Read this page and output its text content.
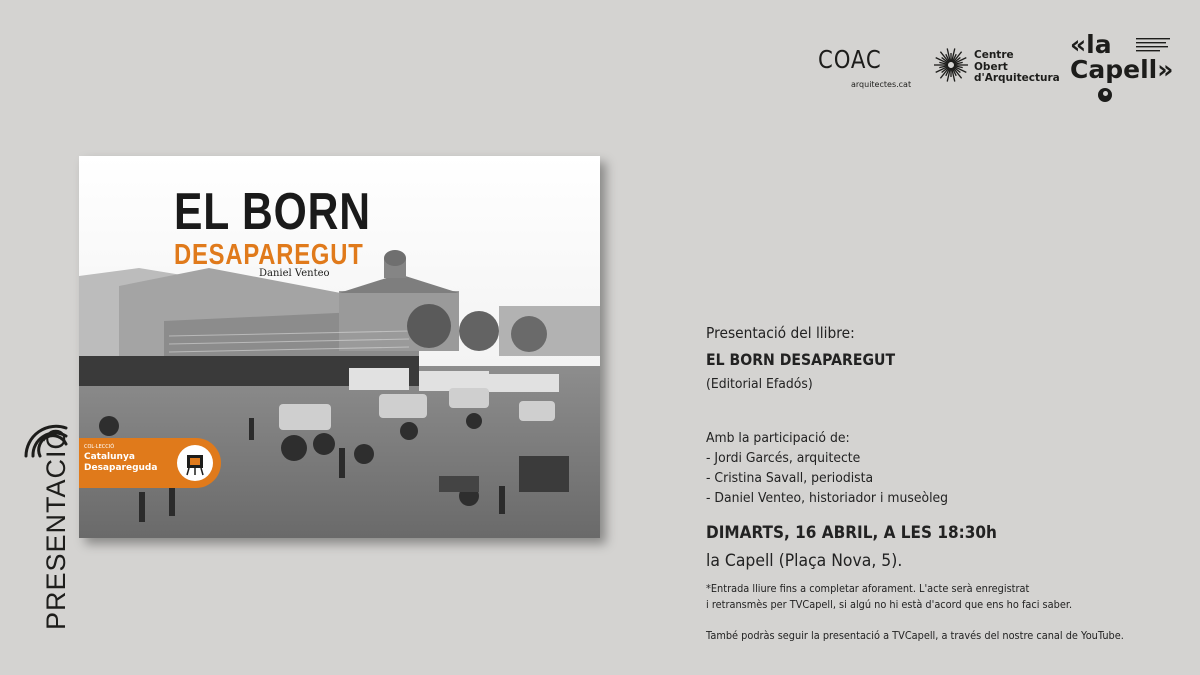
COAC
arquitectes.cat
Centre
Obert
d'Arquitectura
«la
Capell»
EL BORN
DESAPAREGUT
Daniel Venteo
COL·LECCIÓ
Catalunya
Desapareguda
PRESENTACIÓ
Presentació del llibre:
EL BORN DESAPAREGUT
(Editorial Efadós)
Amb la participació de:
- Jordi Garcés, arquitecte
- Cristina Savall, periodista
- Daniel Venteo, historiador i museòleg
DIMARTS, 16 ABRIL, A LES 18:30h
la Capell (Plaça Nova, 5).
*Entrada lliure fins a completar aforament. L'acte serà enregistrat
i retransmès per TVCapell, si algú no hi està d'acord que ens ho faci saber.
També podràs seguir la presentació a TVCapell, a través del nostre canal de YouTube.
